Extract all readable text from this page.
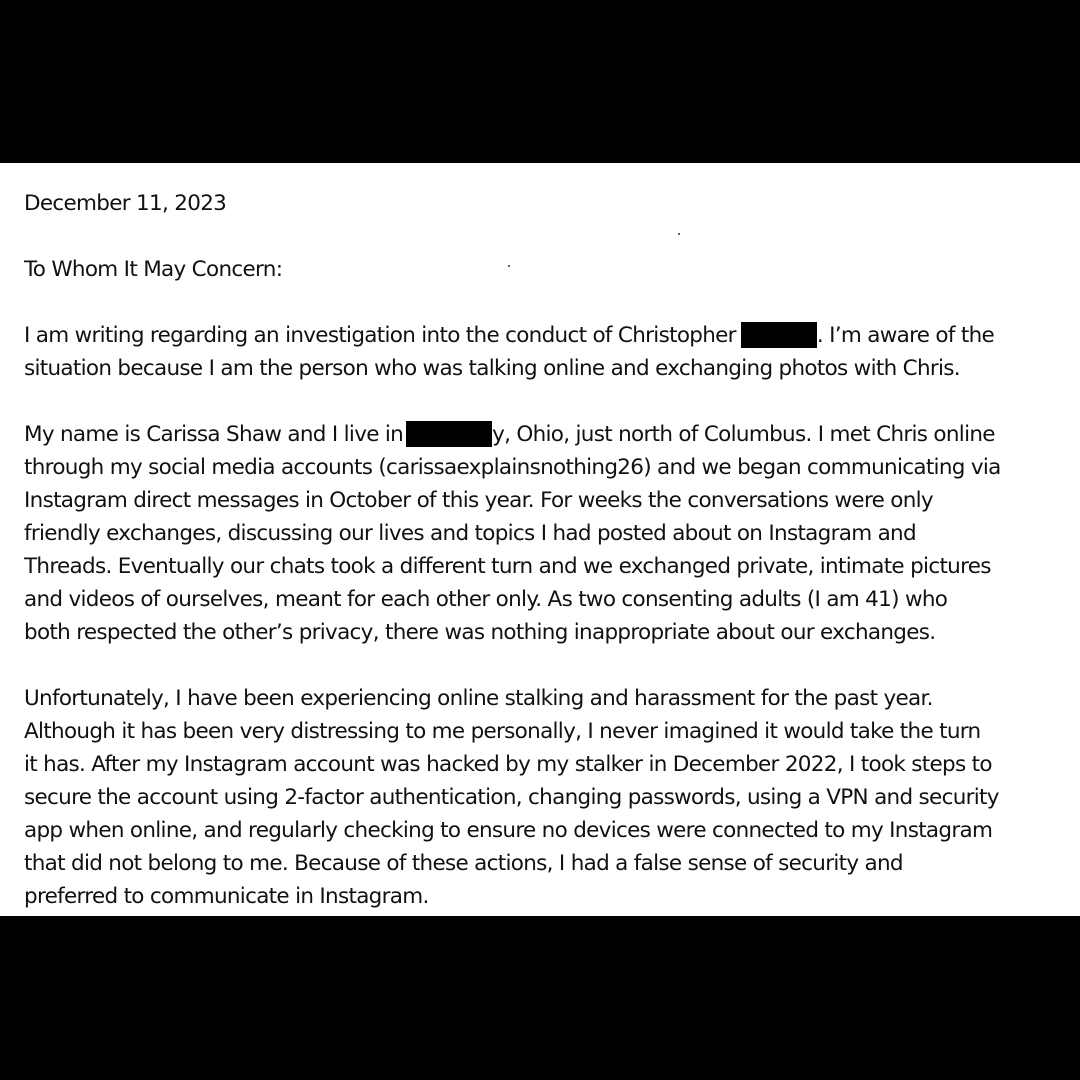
December 11, 2023
To Whom It May Concern:
I am writing regarding an investigation into the conduct of Christopher	. I’m aware of the
situation because I am the person who was talking online and exchanging photos with Chris.
My name is Carissa Shaw and I live in	y, Ohio, just north of Columbus. I met Chris online
through my social media accounts (carissaexplainsnothing26) and we began communicating via
Instagram direct messages in October of this year. For weeks the conversations were only
friendly exchanges, discussing our lives and topics I had posted about on Instagram and
Threads. Eventually our chats took a different turn and we exchanged private, intimate pictures
and videos of ourselves, meant for each other only. As two consenting adults (I am 41) who
both respected the other’s privacy, there was nothing inappropriate about our exchanges.
Unfortunately, I have been experiencing online stalking and harassment for the past year.
Although it has been very distressing to me personally, I never imagined it would take the turn
it has. After my Instagram account was hacked by my stalker in December 2022, I took steps to
secure the account using 2-factor authentication, changing passwords, using a VPN and security
app when online, and regularly checking to ensure no devices were connected to my Instagram
that did not belong to me. Because of these actions, I had a false sense of security and
preferred to communicate in Instagram.
